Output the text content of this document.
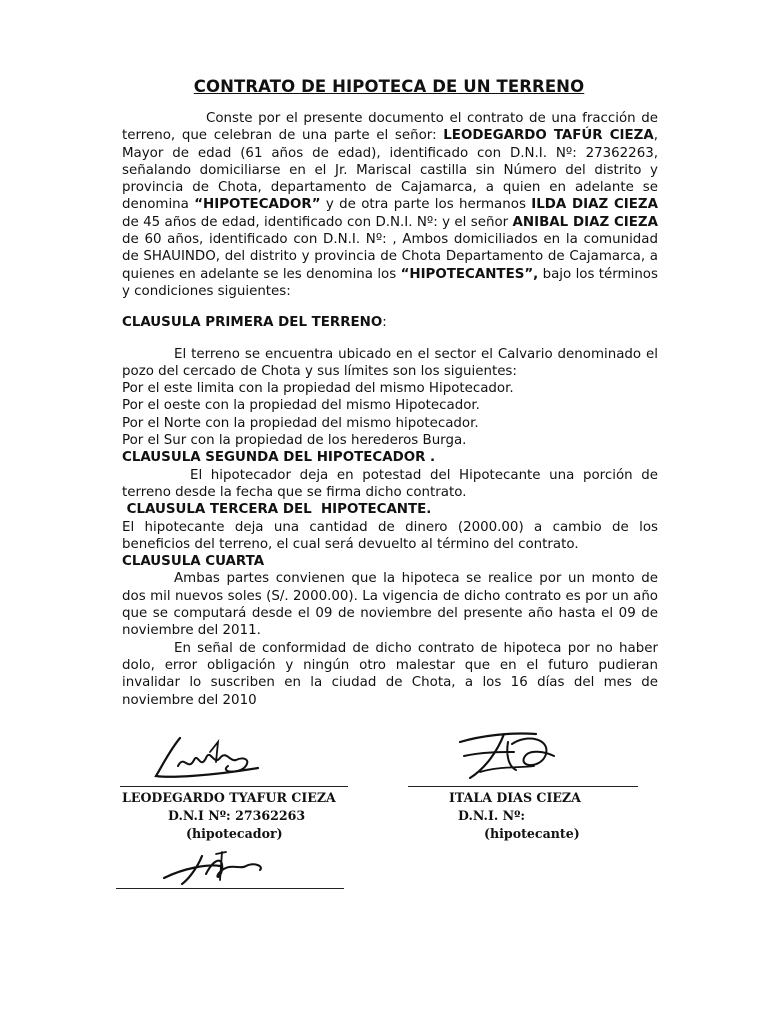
CONTRATO DE HIPOTECA DE UN TERRENO

Conste por el presente documento el contrato de una fracción de terreno, que celebran de una parte el señor: LEODEGARDO TAFÚR CIEZA, Mayor de edad (61 años de edad), identificado con D.N.I. Nº: 27362263, señalando domiciliarse en el Jr. Mariscal castilla sin Número del distrito y provincia de Chota, departamento de Cajamarca, a quien en adelante se denomina “HIPOTECADOR” y de otra parte los hermanos ILDA DIAZ CIEZA de 45 años de edad, identificado con D.N.I. Nº: y el señor ANIBAL DIAZ CIEZA de 60 años, identificado con D.N.I. Nº: , Ambos domiciliados en la comunidad de SHAUINDO, del distrito y provincia de Chota Departamento de Cajamarca, a quienes en adelante se les denomina los “HIPOTECANTES”, bajo los términos y condiciones siguientes:

CLAUSULA PRIMERA DEL TERRENO:

El terreno se encuentra ubicado en el sector el Calvario denominado el pozo del cercado de Chota y sus límites son los siguientes:

Por el este limita con la propiedad del mismo Hipotecador.

Por el oeste con la propiedad del mismo Hipotecador.

Por el Norte con la propiedad del mismo hipotecador.

Por el Sur con la propiedad de los herederos Burga.

CLAUSULA SEGUNDA DEL HIPOTECADOR .

El hipotecador deja en potestad del Hipotecante una porción de terreno desde la fecha que se firma dicho contrato.

CLAUSULA TERCERA DEL  HIPOTECANTE.

El hipotecante deja una cantidad de dinero (2000.00) a cambio de los beneficios del terreno, el cual será devuelto al término del contrato.

CLAUSULA CUARTA

Ambas partes convienen que la hipoteca se realice por un monto de dos mil nuevos soles (S/. 2000.00). La vigencia de dicho contrato es por un año que se computará desde el 09 de noviembre del presente año hasta el 09 de noviembre del 2011.

En señal de conformidad de dicho contrato de hipoteca por no haber dolo, error obligación y ningún otro malestar que en el futuro pudieran invalidar lo suscriben en la ciudad de Chota, a los 16 días del mes de noviembre del 2010

LEODEGARDO TYAFUR CIEZA
D.N.I Nº: 27362263
(hipotecador)
ITALA DIAS CIEZA
D.N.I. Nº:
(hipotecante)
